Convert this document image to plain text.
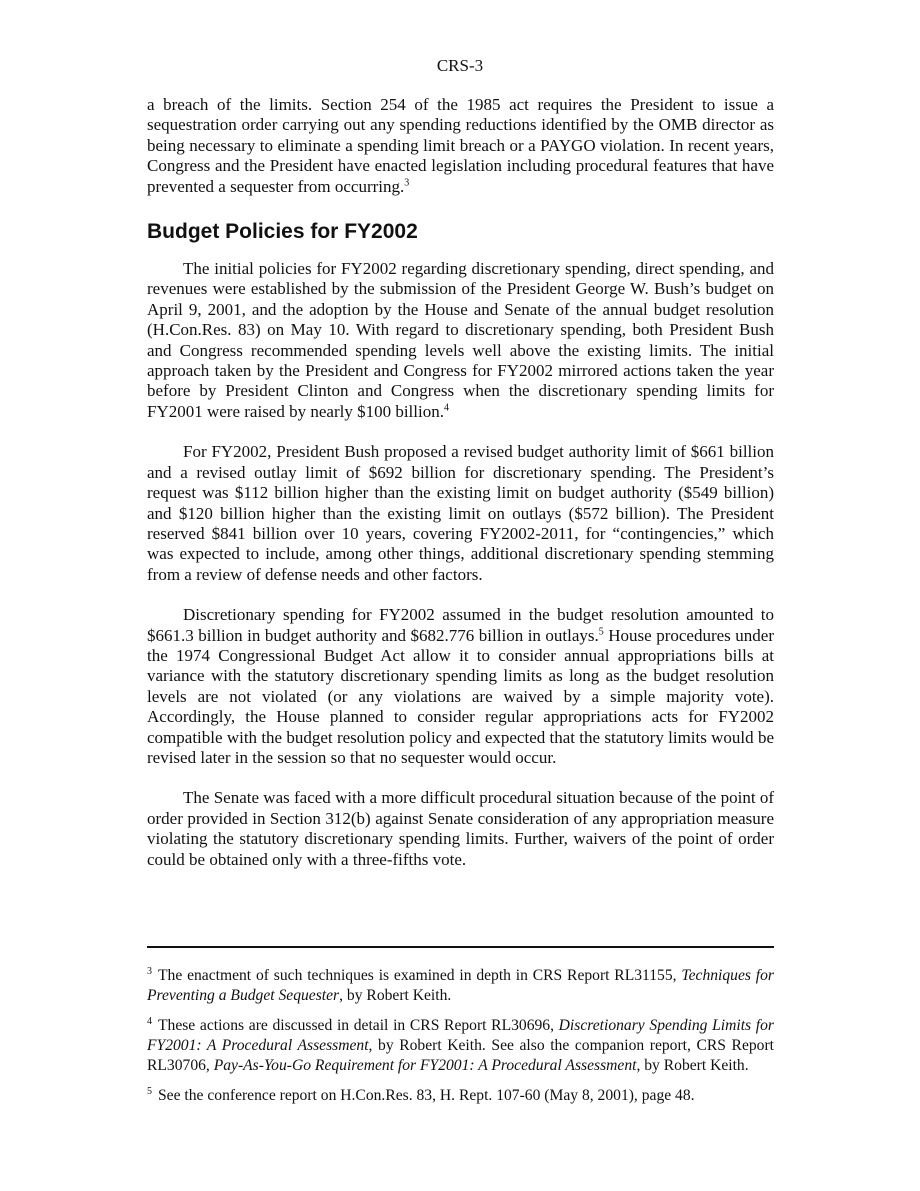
CRS-3

a breach of the limits. Section 254 of the 1985 act requires the President to issue a sequestration order carrying out any spending reductions identified by the OMB director as being necessary to eliminate a spending limit breach or a PAYGO violation. In recent years, Congress and the President have enacted legislation including procedural features that have prevented a sequester from occurring.$^3$

Budget Policies for FY2002

The initial policies for FY2002 regarding discretionary spending, direct spending, and revenues were established by the submission of the President George W. Bush’s budget on April 9, 2001, and the adoption by the House and Senate of the annual budget resolution (H.Con.Res. 83) on May 10. With regard to discretionary spending, both President Bush and Congress recommended spending levels well above the existing limits. The initial approach taken by the President and Congress for FY2002 mirrored actions taken the year before by President Clinton and Congress when the discretionary spending limits for FY2001 were raised by nearly $100 billion.$^4$

For FY2002, President Bush proposed a revised budget authority limit of $661 billion and a revised outlay limit of $692 billion for discretionary spending. The President’s request was $112 billion higher than the existing limit on budget authority ($549 billion) and $120 billion higher than the existing limit on outlays ($572 billion). The President reserved $841 billion over 10 years, covering FY2002-2011, for “contingencies,” which was expected to include, among other things, additional discretionary spending stemming from a review of defense needs and other factors.

Discretionary spending for FY2002 assumed in the budget resolution amounted to $661.3 billion in budget authority and $682.776 billion in outlays.$^5$ House procedures under the 1974 Congressional Budget Act allow it to consider annual appropriations bills at variance with the statutory discretionary spending limits as long as the budget resolution levels are not violated (or any violations are waived by a simple majority vote). Accordingly, the House planned to consider regular appropriations acts for FY2002 compatible with the budget resolution policy and expected that the statutory limits would be revised later in the session so that no sequester would occur.

The Senate was faced with a more difficult procedural situation because of the point of order provided in Section 312(b) against Senate consideration of any appropriation measure violating the statutory discretionary spending limits. Further, waivers of the point of order could be obtained only with a three-fifths vote.

$^3$ The enactment of such techniques is examined in depth in CRS Report RL31155, Techniques for Preventing a Budget Sequester, by Robert Keith.

$^4$ These actions are discussed in detail in CRS Report RL30696, Discretionary Spending Limits for FY2001: A Procedural Assessment, by Robert Keith. See also the companion report, CRS Report RL30706, Pay-As-You-Go Requirement for FY2001: A Procedural Assessment, by Robert Keith.

$^5$ See the conference report on H.Con.Res. 83, H. Rept. 107-60 (May 8, 2001), page 48.
